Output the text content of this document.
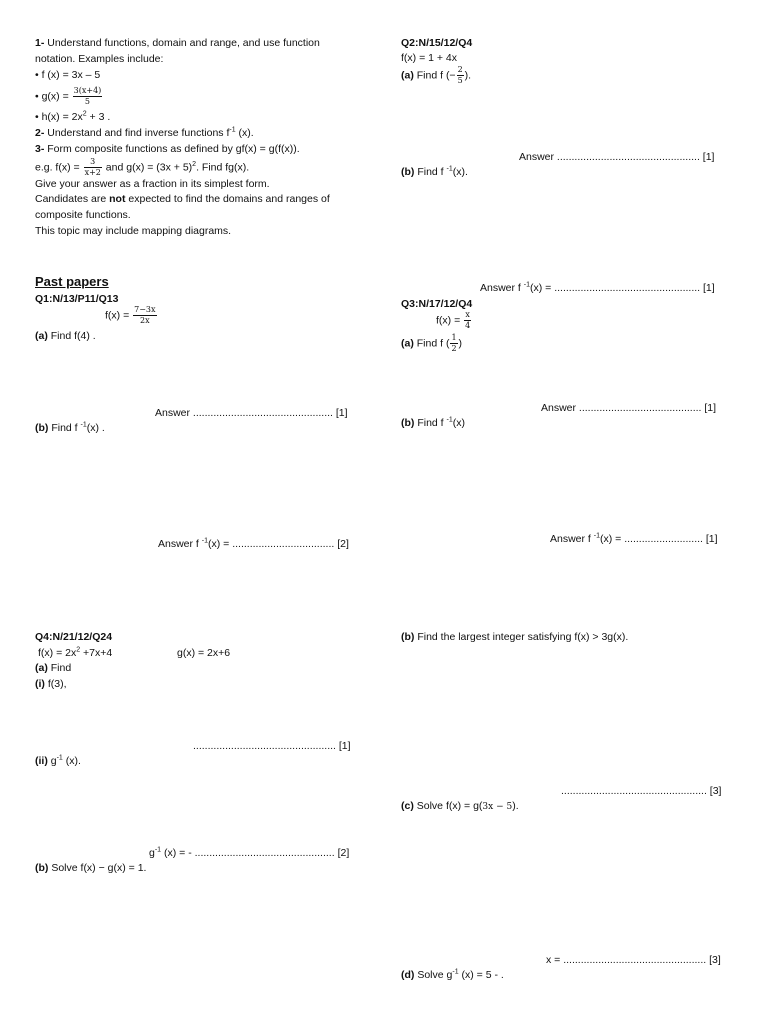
1- Understand functions, domain and range, and use function
notation. Examples include:
• f (x) = 3x – 5
• $g(x) = \frac{3(x+4)}{5}$
• $h(x) = 2x^2 + 3$ .
2- Understand and find inverse functions $f^{-1}$ (x).
3- Form composite functions as defined by gf(x) = g(f(x)).
e.g. $f(x) = \frac{3}{x+2}$ and $g(x) = (3x + 5)^2$. Find fg(x).
Give your answer as a fraction in its simplest form.
Candidates are not expected to find the domains and ranges of
composite functions.
This topic may include mapping diagrams.
Past papers
Q1:N/13/P11/Q13
$f(x) = \frac{7-3x}{2x}$
(a) Find f(4) .
Answer ................................................ [1]
(b) Find f $^{-1}$(x) .
Answer f $^{-1}$(x) = ................................... [2]
Q2:N/15/12/Q4
f(x) = 1 + 4x
(a) Find f (− $\frac{2}{5}$ ).
Answer ................................................. [1]
(b) Find f $^{-1}$(x).
Answer f $^{-1}$(x) = .................................................. [1]
Q3:N/17/12/Q4
$f(x) = \frac{x}{4}$
(a) Find f ( $\frac{1}{2}$ )
Answer .......................................... [1]
(b) Find f $^{-1}$(x)
Answer f $^{-1}$(x) = ........................... [1]
Q4:N/21/12/Q24
$f(x) = 2x^2 +7x+4$	g(x) = 2x+6
(a) Find
(i) f(3),
................................................. [1]
(ii) $g^{-1}$ (x).
$g^{-1}$ (x) = - ................................................ [2]
(b) Solve f(x) − g(x) = 1.
(b) Find the largest integer satisfying f(x) > 3g(x).
.................................................. [3]
(c) Solve f(x) = g(3x − 5).
x = ................................................. [3]
(d) Solve $g^{-1}$ (x) = 5 - .
